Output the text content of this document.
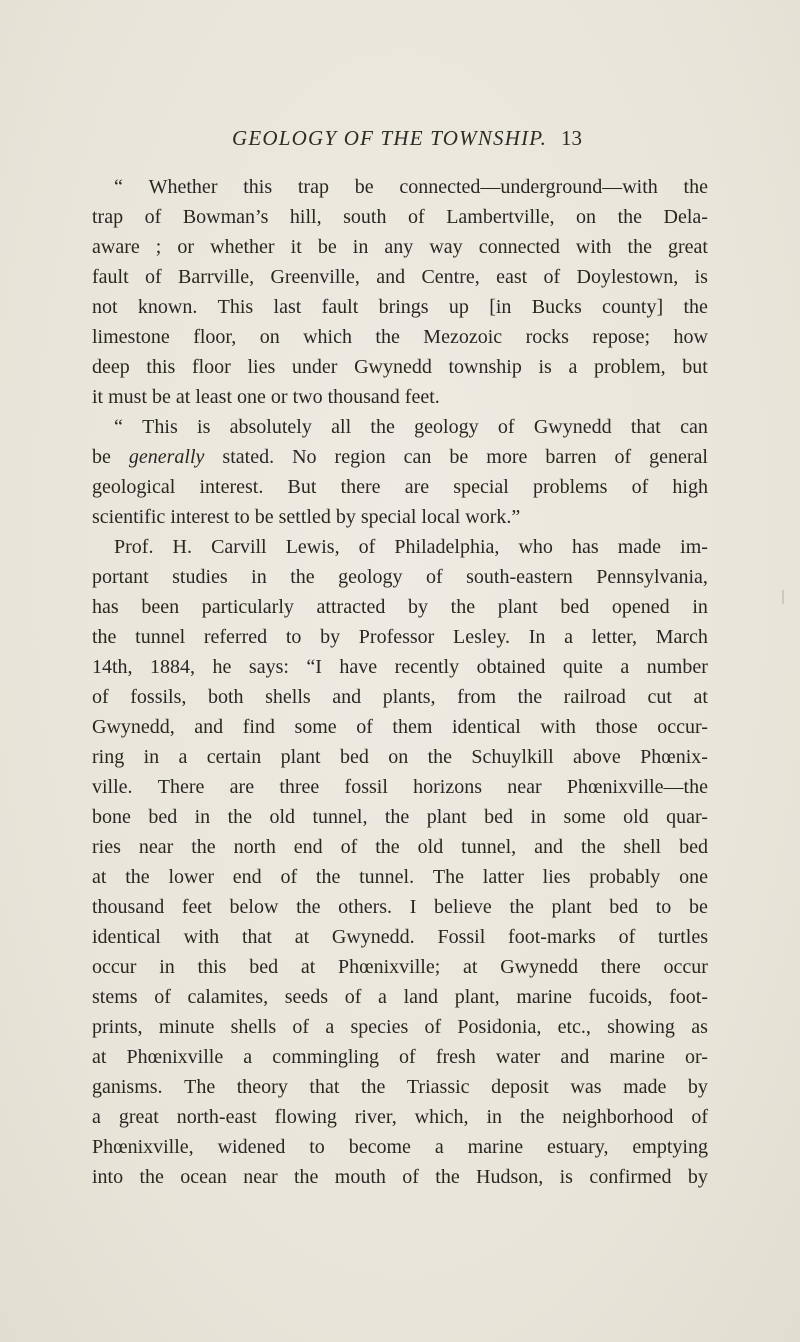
GEOLOGY OF THE TOWNSHIP. 13
“ Whether this trap be connected—underground—with the
trap of Bowman’s hill, south of Lambertville, on the Dela-
aware ; or whether it be in any way connected with the great
fault of Barrville, Greenville, and Centre, east of Doylestown, is
not known. This last fault brings up [in Bucks county] the
limestone floor, on which the Mezozoic rocks repose; how
deep this floor lies under Gwynedd township is a problem, but
it must be at least one or two thousand feet.
“ This is absolutely all the geology of Gwynedd that can
be generally stated. No region can be more barren of general
geological interest. But there are special problems of high
scientific interest to be settled by special local work.”
Prof. H. Carvill Lewis, of Philadelphia, who has made im-
portant studies in the geology of south-eastern Pennsylvania,
has been particularly attracted by the plant bed opened in
the tunnel referred to by Professor Lesley. In a letter, March
14th, 1884, he says: “I have recently obtained quite a number
of fossils, both shells and plants, from the railroad cut at
Gwynedd, and find some of them identical with those occur-
ring in a certain plant bed on the Schuylkill above Phœnix-
ville. There are three fossil horizons near Phœnixville—the
bone bed in the old tunnel, the plant bed in some old quar-
ries near the north end of the old tunnel, and the shell bed
at the lower end of the tunnel. The latter lies probably one
thousand feet below the others. I believe the plant bed to be
identical with that at Gwynedd. Fossil foot-marks of turtles
occur in this bed at Phœnixville; at Gwynedd there occur
stems of calamites, seeds of a land plant, marine fucoids, foot-
prints, minute shells of a species of Posidonia, etc., showing as
at Phœnixville a commingling of fresh water and marine or-
ganisms. The theory that the Triassic deposit was made by
a great north-east flowing river, which, in the neighborhood of
Phœnixville, widened to become a marine estuary, emptying
into the ocean near the mouth of the Hudson, is confirmed by
